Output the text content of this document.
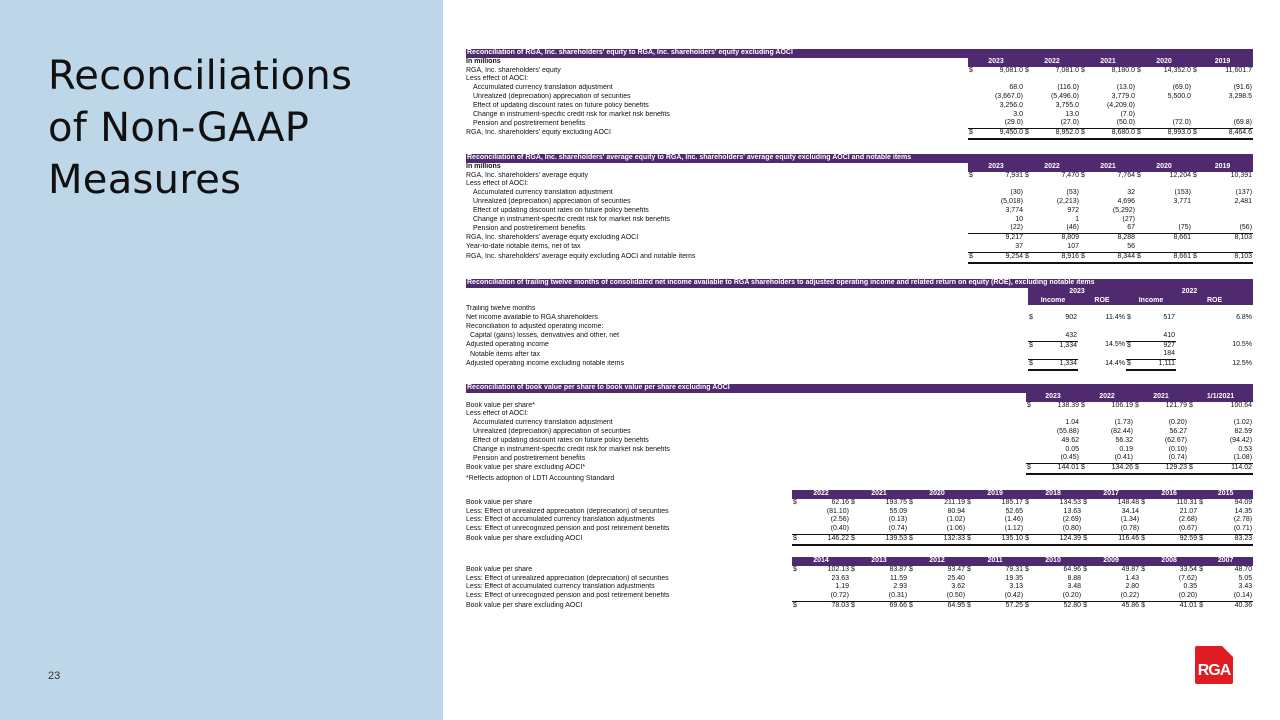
Reconciliations
of Non-GAAP
Measures
23	RGA
Reconciliation of RGA, Inc. shareholders' equity to RGA, Inc. shareholders' equity excluding AOCI										
In millions	2023		2022		2021		2020		2019	
RGA, Inc. shareholders' equity	$	9,081.0	$	7,081.0	$	8,180.0	$	14,352.0	$	11,601.7
Less effect of AOCI:										
Accumulated currency translation adjustment		68.0		(116.0)		(13.0)		(69.0)		(91.6)
Unrealized (depreciation) appreciation of securities		(3,667.0)		(5,496.0)		3,779.0		5,500.0		3,298.5
Effect of updating discount rates on future policy benefits		3,256.0		3,755.0		(4,209.0)				
Change in instrument-specific credit risk for market risk benefits		3.0		13.0		(7.0)				
Pension and postretirement benefits		(29.0)		(27.0)		(50.0)		(72.0)		(69.8)
RGA, Inc. shareholders' equity excluding AOCI	$	9,450.0	$	8,952.0	$	8,680.0	$	8,993.0	$	8,464.6
Reconciliation of RGA, Inc. shareholders' average equity to RGA, Inc. shareholders' average equity excluding AOCI and notable items										
In millions	2023		2022		2021		2020		2019	
RGA, Inc. shareholders' average equity	$	7,931	$	7,470	$	7,764	$	12,204	$	10,391
Less effect of AOCI:										
Accumulated currency translation adjustment		(30)		(53)		32		(153)		(137)
Unrealized (depreciation) appreciation of securities		(5,018)		(2,213)		4,696		3,771		2,481
Effect of updating discount rates on future policy benefits		3,774		972		(5,292)				
Change in instrument-specific credit risk for market risk benefits		10		1		(27)				
Pension and postretirement benefits		(22)		(46)		67		(75)		(56)
RGA, Inc. shareholders' average equity excluding AOCI		9,217		8,809		8,288		8,661		8,103
Year-to-date notable items, net of tax		37		107		56				
RGA, Inc. shareholders' average equity excluding AOCI and notable items	$	9,254	$	8,916	$	8,344	$	8,661	$	8,103
Reconciliation of trailing twelve months of consolidated net income available to RGA shareholders to adjusted operating income and related return on equity (ROE), excluding notable items						
	2023			2022		
	Income		ROE	Income		ROE
Trailing twelve months						
Net income available to RGA shareholders	$	902	11.4%	$	517	6.8%
Reconciliation to adjusted operating income:						
Capital (gains) losses, derivatives and other, net		432			410	
Adjusted operating income	$	1,334	14.5%	$	927	10.5%
Notable items after tax					184	
Adjusted operating income excluding notable items	$	1,334	14.4%	$	1,111	12.5%
Reconciliation of book value per share to book value per share excluding AOCI								
	2023		2022		2021		1/1/2021	
Book value per share*	$	138.39	$	106.19	$	121.79	$	100.64
Less effect of AOCI:								
Accumulated currency translation adjustment		1.04		(1.73)		(0.20)		(1.02)
Unrealized (depreciation) appreciation of securities		(55.88)		(82.44)		56.27		82.59
Effect of updating discount rates on future policy benefits		49.62		56.32		(62.67)		(94.42)
Change in instrument-specific credit risk for market risk benefits		0.05		0.19		(0.10)		0.53
Pension and postretirement benefits		(0.45)		(0.41)		(0.74)		(1.08)
Book value per share excluding AOCI*	$	144.01	$	134.26	$	129.23	$	114.02
*Reflects adoption of LDTI Accounting Standard								
	2022		2021		2020		2019		2018		2017		2016		2015	
Book value per share	$	62.16	$	193.75	$	211.19	$	185.17	$	134.53	$	148.48	$	110.31	$	94.09
Less: Effect of unrealized appreciation (depreciation) of securities		(81.10)		55.09		80.94		52.65		13.63		34.14		21.07		14.35
Less: Effect of accumulated currency translation adjustments		(2.56)		(0.13)		(1.02)		(1.46)		(2.69)		(1.34)		(2.68)		(2.78)
Less: Effect of unrecognized pension and post retirement benefits		(0.40)		(0.74)		(1.06)		(1.12)		(0.80)		(0.78)		(0.67)		(0.71)
Book value per share excluding AOCI	$	146.22	$	139.53	$	132.33	$	135.10	$	124.39	$	116.46	$	92.59	$	83.23
	2014		2013		2012		2011		2010		2009		2008		2007	
Book value per share	$	102.13	$	83.87	$	93.47	$	79.31	$	64.96	$	49.87	$	33.54	$	48.70
Less: Effect of unrealized appreciation (depreciation) of securities		23.63		11.59		25.40		19.35		8.88		1.43		(7.62)		5.05
Less: Effect of accumulated currency translation adjustments		1.19		2.93		3.62		3.13		3.48		2.80		0.35		3.43
Less: Effect of unrecognized pension and post retirement benefits		(0.72)		(0.31)		(0.50)		(0.42)		(0.20)		(0.22)		(0.20)		(0.14)
Book value per share excluding AOCI	$	78.03	$	69.66	$	64.95	$	57.25	$	52.80	$	45.86	$	41.01	$	40.36
